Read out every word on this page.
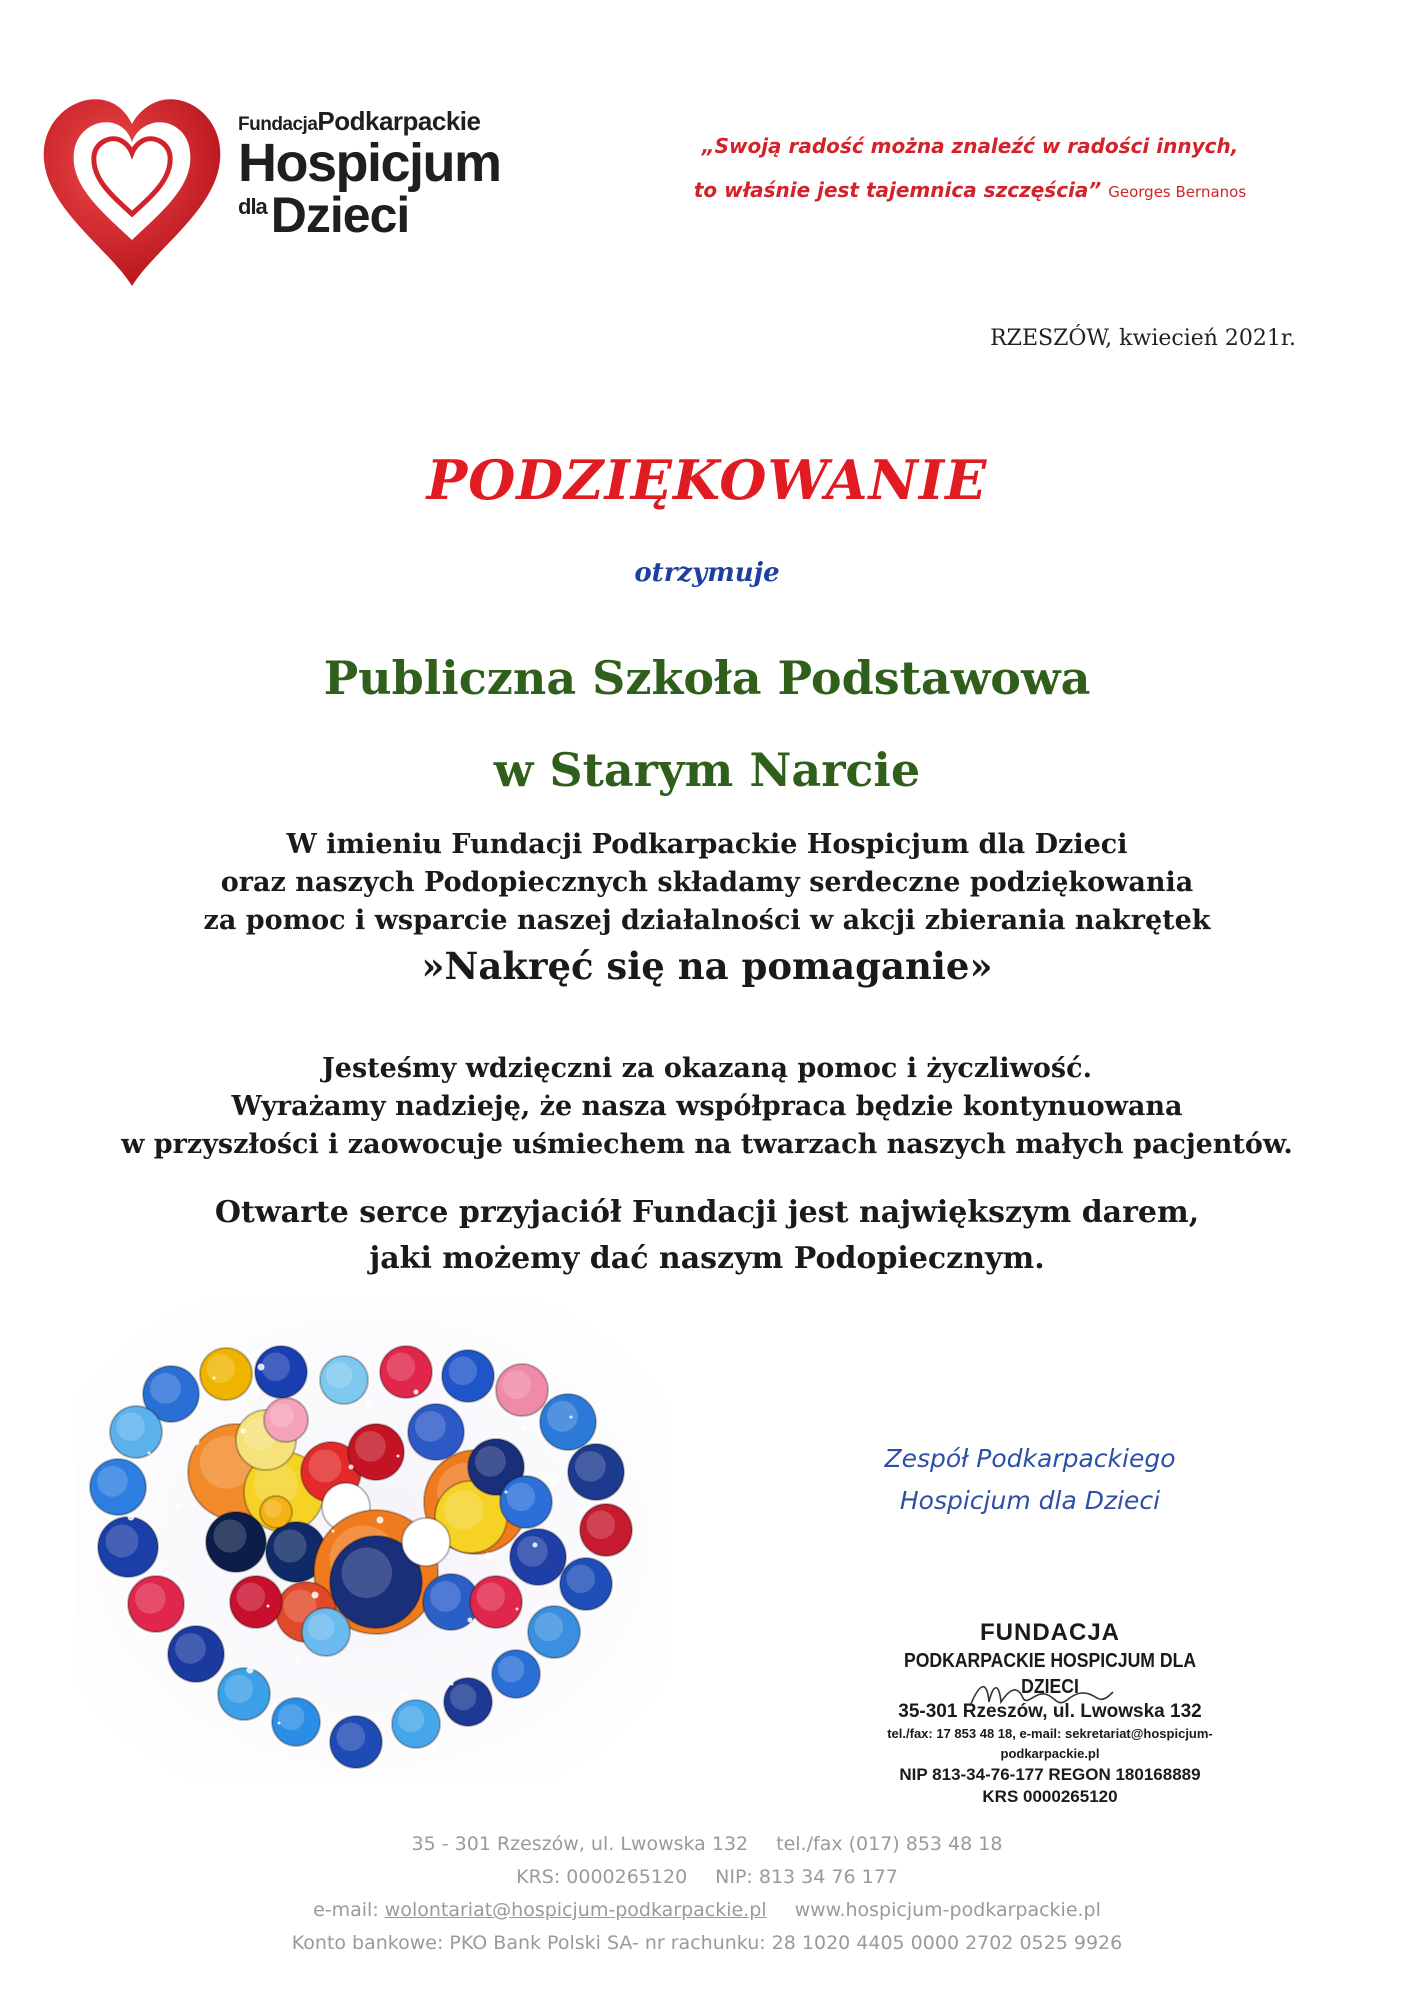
FundacjaPodkarpackie
Hospicjum
$^{dla}$Dzieci
„Swoją radość można znaleźć w radości innych,
to właśnie jest tajemnica szczęścia” Georges Bernanos
RZESZÓW, kwiecień 2021r.
PODZIĘKOWANIE
otrzymuje
Publiczna Szkoła Podstawowa
w Starym Narcie
W imieniu Fundacji Podkarpackie Hospicjum dla Dzieci
oraz naszych Podopiecznych składamy serdeczne podziękowania
za pomoc i wsparcie naszej działalności w akcji zbierania nakrętek
»Nakręć się na pomaganie»
Jesteśmy wdzięczni za okazaną pomoc i życzliwość.
Wyrażamy nadzieję, że nasza współpraca będzie kontynuowana
w przyszłości i zaowocuje uśmiechem na twarzach naszych małych pacjentów.
Otwarte serce przyjaciół Fundacji jest największym darem,
jaki możemy dać naszym Podopiecznym.
Zespół Podkarpackiego
Hospicjum dla Dzieci
FUNDACJA
PODKARPACKIE HOSPICJUM DLA DZIECI
35-301 Rzeszów, ul. Lwowska 132
tel./fax: 17 853 48 18, e-mail: sekretariat@hospicjum-podkarpackie.pl
NIP 813-34-76-177 REGON 180168889
KRS 0000265120
35 - 301 Rzeszów, ul. Lwowska 132 tel./fax (017) 853 48 18
KRS: 0000265120 NIP: 813 34 76 177
e-mail: wolontariat@hospicjum-podkarpackie.pl www.hospicjum-podkarpackie.pl
Konto bankowe: PKO Bank Polski SA- nr rachunku: 28 1020 4405 0000 2702 0525 9926
